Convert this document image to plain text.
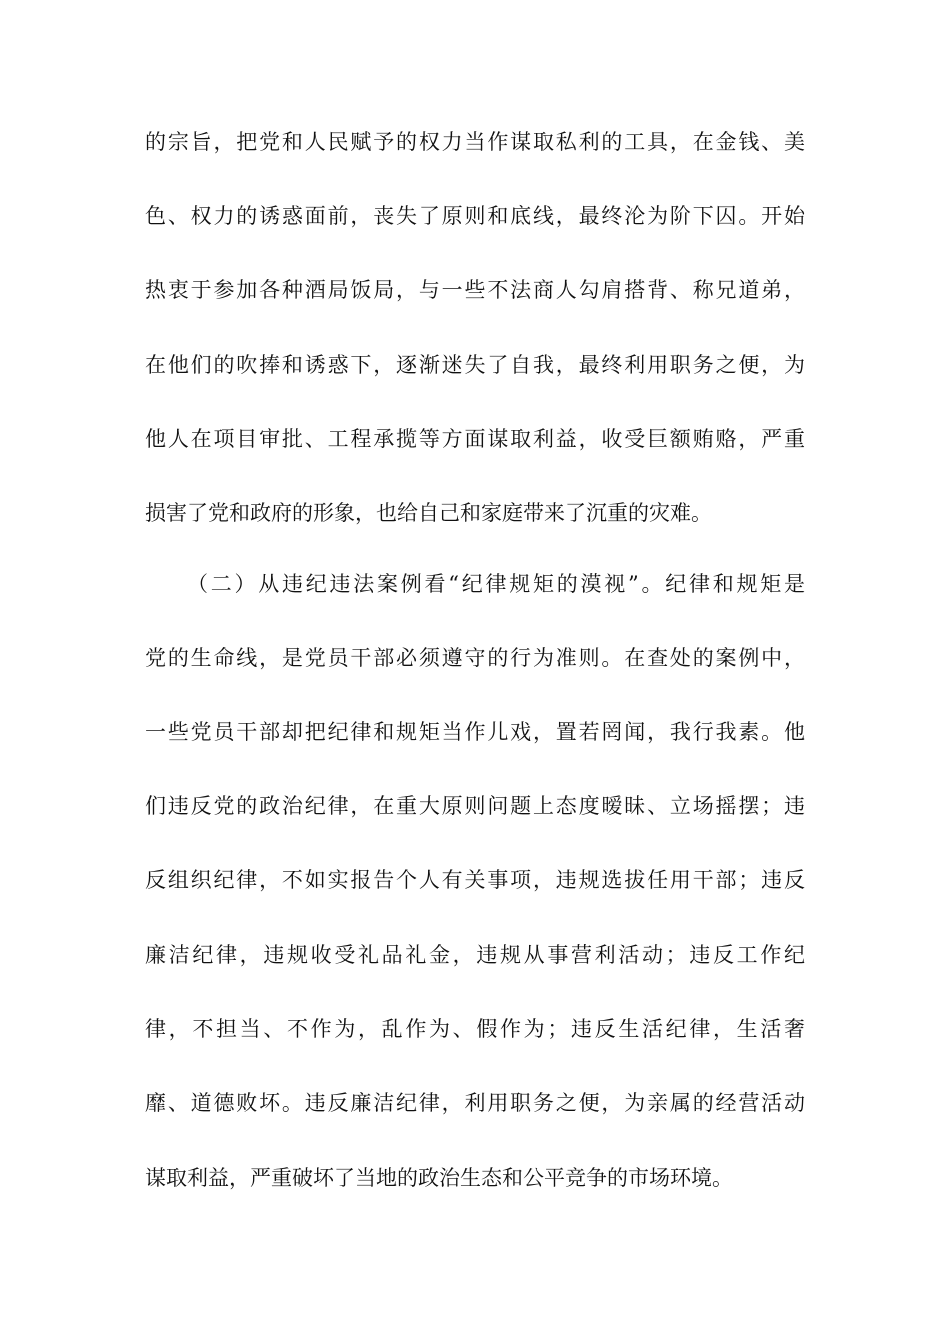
的宗旨，把党和人民赋予的权力当作谋取私利的工具，在金钱、美
色、权力的诱惑面前，丧失了原则和底线，最终沦为阶下囚。开始
热衷于参加各种酒局饭局，与一些不法商人勾肩搭背、称兄道弟，
在他们的吹捧和诱惑下，逐渐迷失了自我，最终利用职务之便，为
他人在项目审批、工程承揽等方面谋取利益，收受巨额贿赂，严重
损害了党和政府的形象，也给自己和家庭带来了沉重的灾难。
（二）从违纪违法案例看“纪律规矩的漠视”。纪律和规矩是
党的生命线，是党员干部必须遵守的行为准则。在查处的案例中，
一些党员干部却把纪律和规矩当作儿戏，置若罔闻，我行我素。他
们违反党的政治纪律，在重大原则问题上态度暧昧、立场摇摆；违
反组织纪律，不如实报告个人有关事项，违规选拔任用干部；违反
廉洁纪律，违规收受礼品礼金，违规从事营利活动；违反工作纪
律，不担当、不作为，乱作为、假作为；违反生活纪律，生活奢
靡、道德败坏。违反廉洁纪律，利用职务之便，为亲属的经营活动
谋取利益，严重破坏了当地的政治生态和公平竞争的市场环境。
